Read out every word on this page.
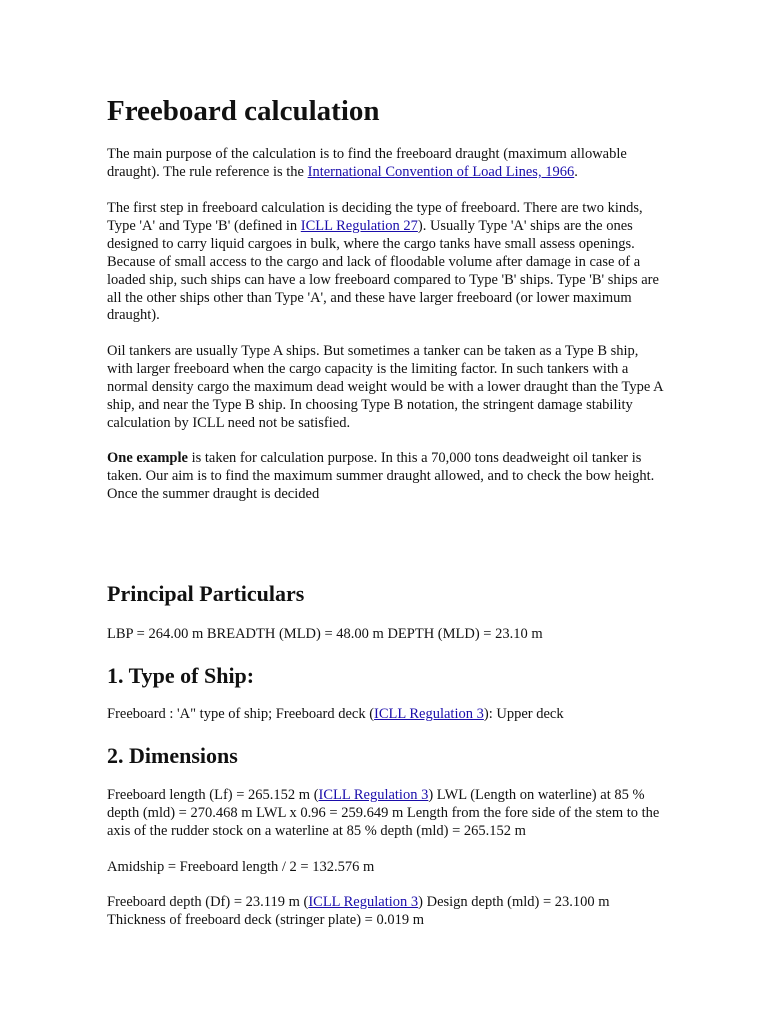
Freeboard calculation

The main purpose of the calculation is to find the freeboard draught (maximum allowable draught). The rule reference is the International Convention of Load Lines, 1966.

The first step in freeboard calculation is deciding the type of freeboard. There are two kinds, Type 'A' and Type 'B' (defined in ICLL Regulation 27). Usually Type 'A' ships are the ones designed to carry liquid cargoes in bulk, where the cargo tanks have small assess openings. Because of small access to the cargo and lack of floodable volume after damage in case of a loaded ship, such ships can have a low freeboard compared to Type 'B' ships. Type 'B' ships are all the other ships other than Type 'A', and these have larger freeboard (or lower maximum draught).

Oil tankers are usually Type A ships. But sometimes a tanker can be taken as a Type B ship, with larger freeboard when the cargo capacity is the limiting factor. In such tankers with a normal density cargo the maximum dead weight would be with a lower draught than the Type A ship, and near the Type B ship. In choosing Type B notation, the stringent damage stability calculation by ICLL need not be satisfied.

One example is taken for calculation purpose. In this a 70,000 tons deadweight oil tanker is taken. Our aim is to find the maximum summer draught allowed, and to check the bow height. Once the summer draught is decided

Principal Particulars

LBP = 264.00 m BREADTH (MLD) = 48.00 m DEPTH (MLD) = 23.10 m

1. Type of Ship:

Freeboard : 'A" type of ship; Freeboard deck (ICLL Regulation 3): Upper deck

2. Dimensions

Freeboard length (Lf) = 265.152 m (ICLL Regulation 3) LWL (Length on waterline) at 85 % depth (mld) = 270.468 m LWL x 0.96 = 259.649 m Length from the fore side of the stem to the axis of the rudder stock on a waterline at 85 % depth (mld) = 265.152 m

Amidship = Freeboard length / 2 = 132.576 m

Freeboard depth (Df) = 23.119 m (ICLL Regulation 3) Design depth (mld) = 23.100 m Thickness of freeboard deck (stringer plate) = 0.019 m
